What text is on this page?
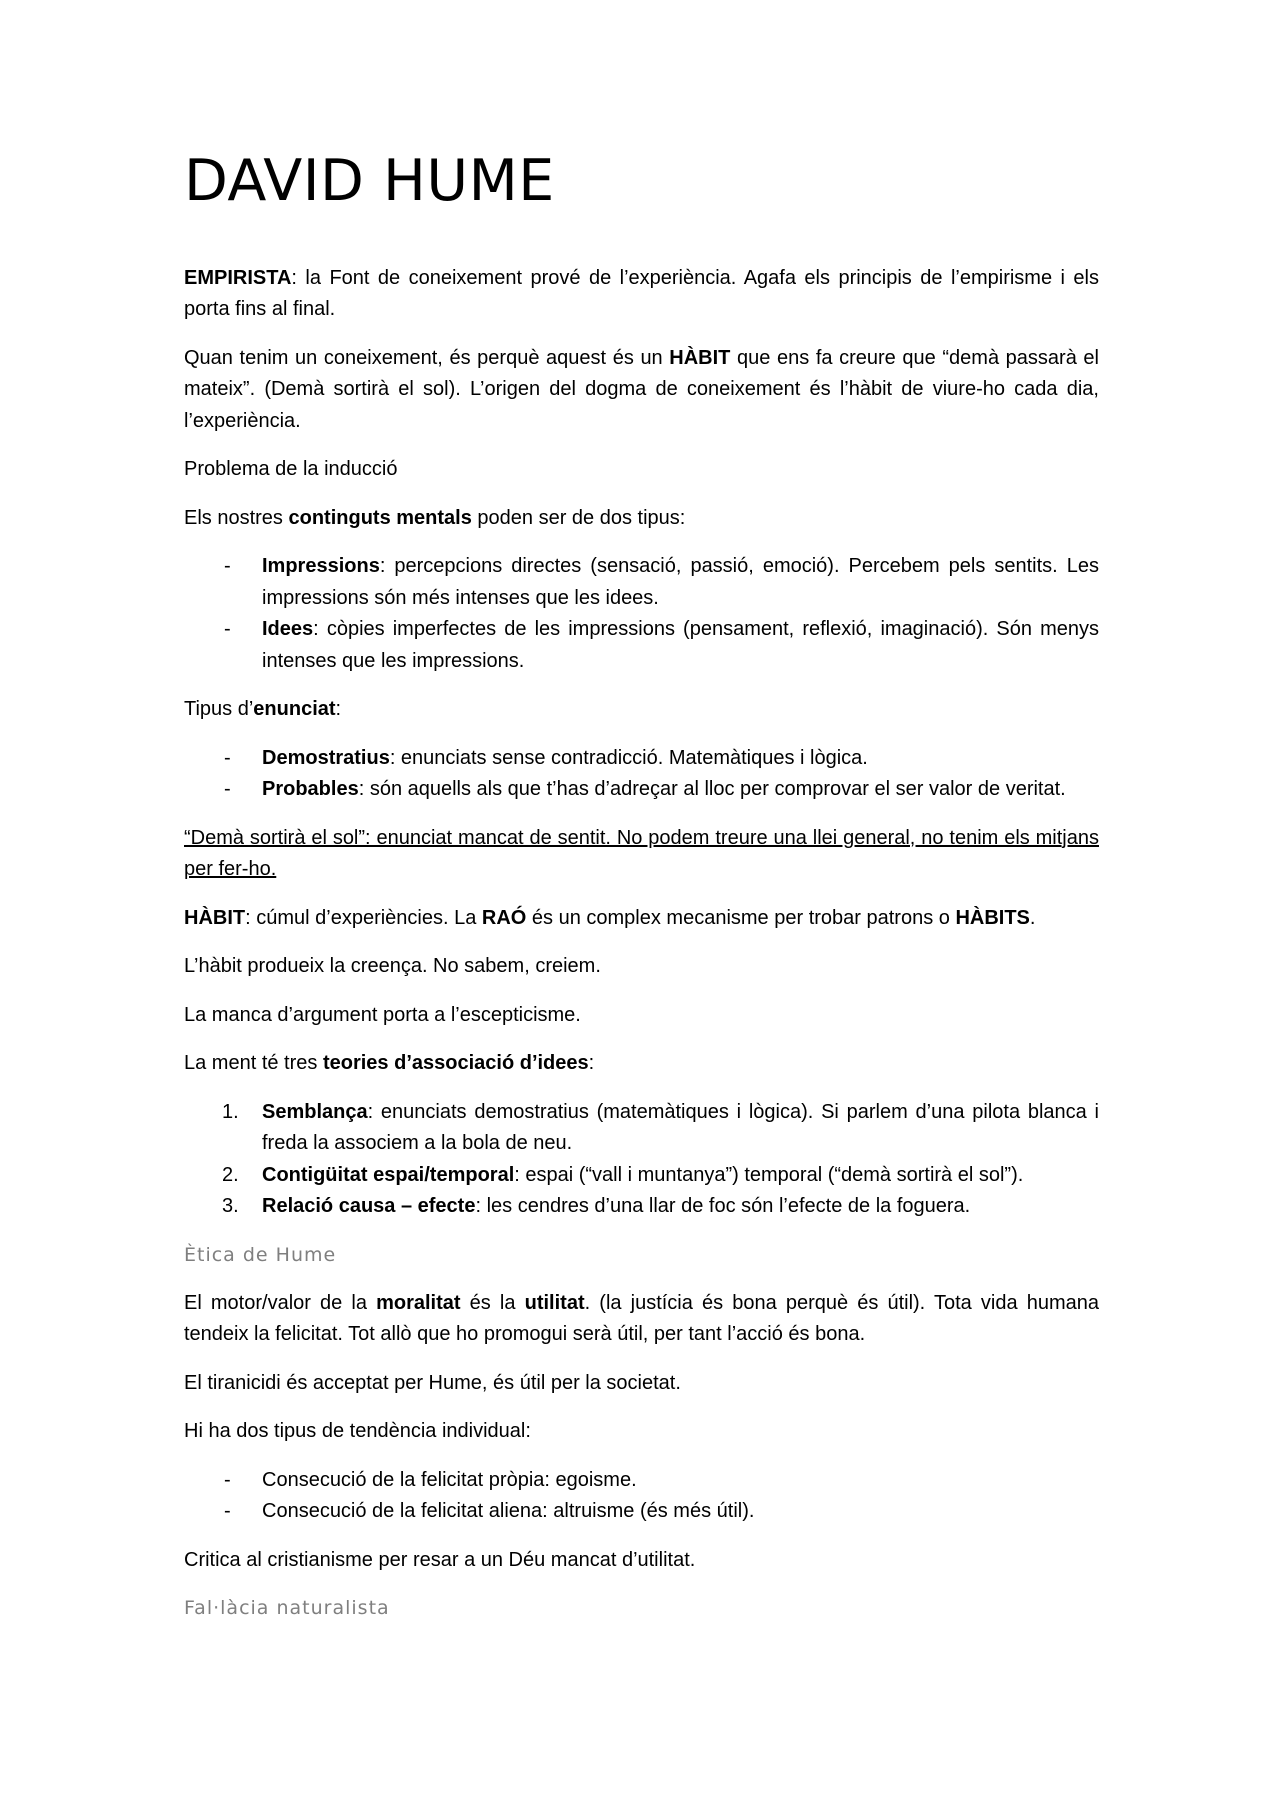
DAVID HUME

EMPIRISTA: la Font de coneixement prové de l’experiència. Agafa els principis de l’empirisme i els porta fins al final.

Quan tenim un coneixement, és perquè aquest és un HÀBIT que ens fa creure que “demà passarà el mateix”. (Demà sortirà el sol). L’origen del dogma de coneixement és l’hàbit de viure-ho cada dia, l’experiència.

Problema de la inducció

Els nostres continguts mentals poden ser de dos tipus:

- Impressions: percepcions directes (sensació, passió, emoció). Percebem pels sentits. Les impressions són més intenses que les idees.
- Idees: còpies imperfectes de les impressions (pensament, reflexió, imaginació). Són menys intenses que les impressions.

Tipus d’enunciat:

- Demostratius: enunciats sense contradicció. Matemàtiques i lògica.
- Probables: són aquells als que t’has d’adreçar al lloc per comprovar el ser valor de veritat.

“Demà sortirà el sol”: enunciat mancat de sentit. No podem treure una llei general, no tenim els mitjans per fer-ho.

HÀBIT: cúmul d’experiències. La RAÓ és un complex mecanisme per trobar patrons o HÀBITS.

L’hàbit produeix la creença. No sabem, creiem.

La manca d’argument porta a l’escepticisme.

La ment té tres teories d’associació d’idees:

1. Semblança: enunciats demostratius (matemàtiques i lògica). Si parlem d’una pilota blanca i freda la associem a la bola de neu.
2. Contigüitat espai/temporal: espai (“vall i muntanya”) temporal (“demà sortirà el sol”).
3. Relació causa – efecte: les cendres d’una llar de foc són l’efecte de la foguera.
Ètica de Hume

El motor/valor de la moralitat és la utilitat. (la justícia és bona perquè és útil). Tota vida humana tendeix la felicitat. Tot allò que ho promogui serà útil, per tant l’acció és bona.

El tiranicidi és acceptat per Hume, és útil per la societat.

Hi ha dos tipus de tendència individual:

- Consecució de la felicitat pròpia: egoisme.
- Consecució de la felicitat aliena: altruisme (és més útil).

Critica al cristianisme per resar a un Déu mancat d’utilitat.

Fal·làcia naturalista
